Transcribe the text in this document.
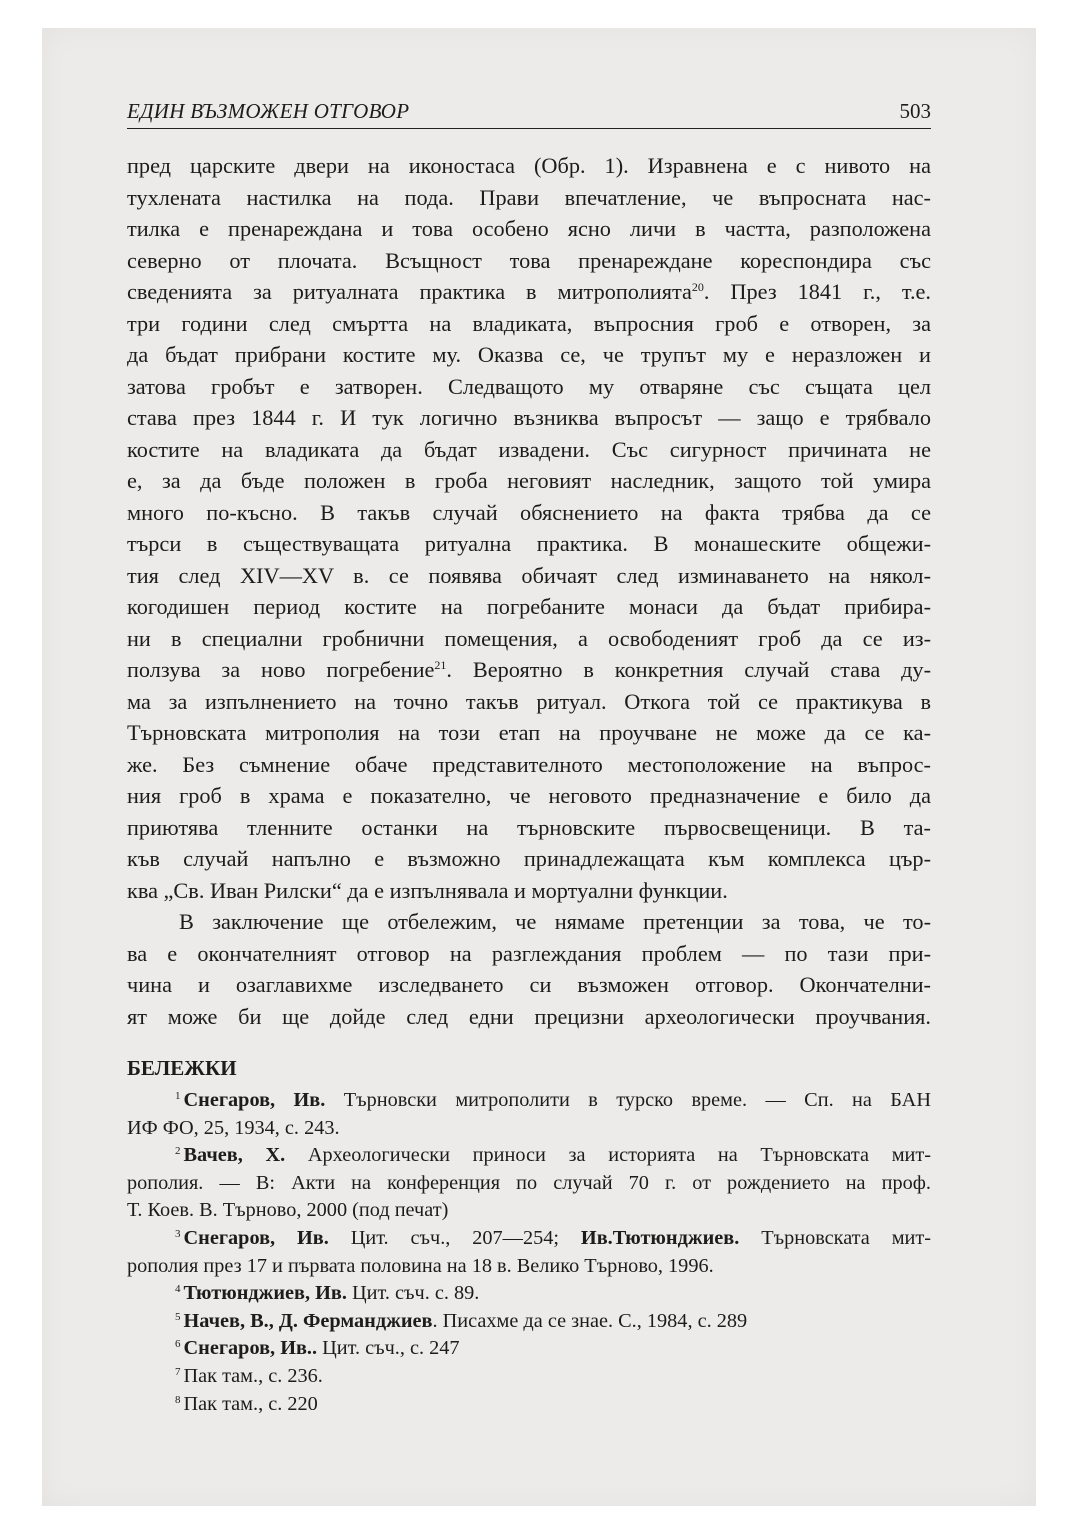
ЕДИН ВЪЗМОЖЕН ОТГОВОР	503
пред царските двери на иконостаса (Обр. 1). Изравнена е с нивото на
тухлената настилка на пода. Прави впечатление, че въпросната нас-
тилка е пренареждана и това особено ясно личи в частта, разположена
северно от плочата. Всъщност това пренареждане кореспондира със
сведенията за ритуалната практика в митрополията$^{20}$. През 1841 г., т.е.
три години след смъртта на владиката, въпросния гроб е отворен, за
да бъдат прибрани костите му. Оказва се, че трупът му е неразложен и
затова гробът е затворен. Следващото му отваряне със същата цел
става през 1844 г. И тук логично възниква въпросът — защо е трябвало
костите на владиката да бъдат извадени. Със сигурност причината не
е, за да бъде положен в гроба неговият наследник, защото той умира
много по-късно. В такъв случай обяснението на факта трябва да се
търси в съществуващата ритуална практика. В монашеските общежи-
тия след XIV—XV в. се появява обичаят след изминаването на някол-
когодишен период костите на погребаните монаси да бъдат прибира-
ни в специални гробнични помещения, а освободеният гроб да се из-
ползува за ново погребение$^{21}$. Вероятно в конкретния случай става ду-
ма за изпълнението на точно такъв ритуал. Откога той се практикува в
Търновската митрополия на този етап на проучване не може да се ка-
же. Без съмнение обаче представителното местоположение на въпрос-
ния гроб в храма е показателно, че неговото предназначение е било да
приютява тленните останки на търновските първосвещеници. В та-
къв случай напълно е възможно принадлежащата към комплекса цър-
ква „Св. Иван Рилски“ да е изпълнявала и мортуални функции.
В заключение ще отбележим, че нямаме претенции за това, че то-
ва е окончателният отговор на разглеждания проблем — по тази при-
чина и озаглавихме изследването си възможен отговор. Окончателни-
ят може би ще дойде след едни прецизни археологически проучвания.
БЕЛЕЖКИ
$^1$ Снегаров, Ив. Търновски митрополити в турско време. — Сп. на БАН
ИФ ФО, 25, 1934, с. 243.
$^2$ Вачев, Х. Археологически приноси за историята на Търновската мит-
рополия. — В: Акти на конференция по случай 70 г. от рождението на проф.
Т. Коев. В. Търново, 2000 (под печат)
$^3$ Снегаров, Ив. Цит. съч., 207—254; Ив.Тютюнджиев. Търновската мит-
рополия през 17 и първата половина на 18 в. Велико Търново, 1996.
$^4$ Тютюнджиев, Ив. Цит. съч. с. 89.
$^5$ Начев, В., Д. Ферманджиев. Писахме да се знае. С., 1984, с. 289
$^6$ Снегаров, Ив.. Цит. съч., с. 247
$^7$ Пак там., с. 236.
$^8$ Пак там., с. 220
